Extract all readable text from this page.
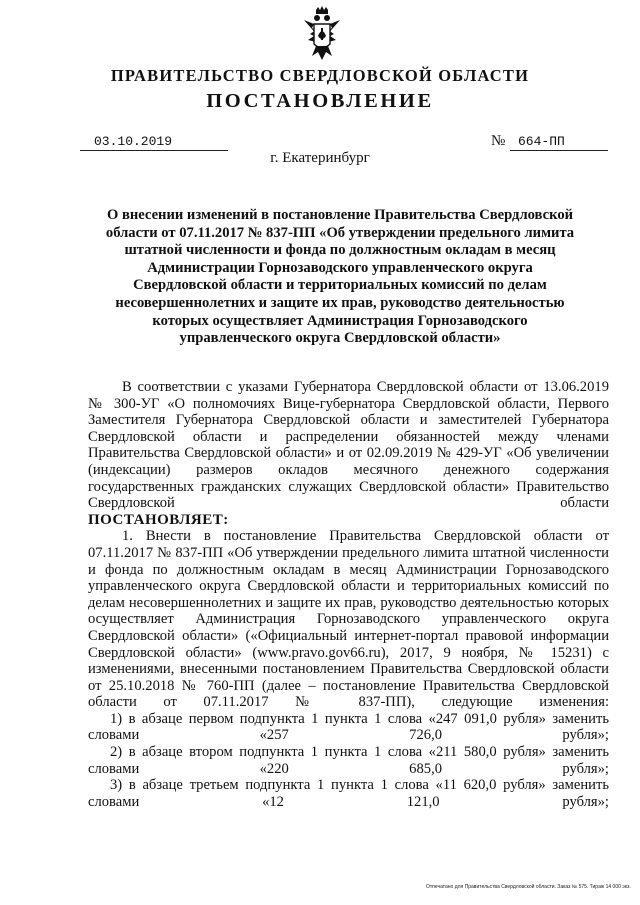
ПРАВИТЕЛЬСТВО СВЕРДЛОВСКОЙ ОБЛАСТИ
ПОСТАНОВЛЕНИЕ
03.10.2019	№ 664-ПП
г. Екатеринбург

О внесении изменений в постановление Правительства Свердловской области от 07.11.2017 № 837-ПП «Об утверждении предельного лимита штатной численности и фонда по должностным окладам в месяц Администрации Горнозаводского управленческого округа Свердловской области и территориальных комиссий по делам несовершеннолетних и защите их прав, руководство деятельностью которых осуществляет Администрация Горнозаводского управленческого округа Свердловской области»

В соответствии с указами Губернатора Свердловской области от 13.06.2019 № 300-УГ «О полномочиях Вице-губернатора Свердловской области, Первого Заместителя Губернатора Свердловской области и заместителей Губернатора Свердловской области и распределении обязанностей между членами Правительства Свердловской области» и от 02.09.2019 № 429-УГ «Об увеличении (индексации) размеров окладов месячного денежного содержания государственных гражданских служащих Свердловской области» Правительство Свердловской области

ПОСТАНОВЛЯЕТ:

1. Внести в постановление Правительства Свердловской области от 07.11.2017 № 837-ПП «Об утверждении предельного лимита штатной численности и фонда по должностным окладам в месяц Администрации Горнозаводского управленческого округа Свердловской области и территориальных комиссий по делам несовершеннолетних и защите их прав, руководство деятельностью которых осуществляет Администрация Горнозаводского управленческого округа Свердловской области» («Официальный интернет-портал правовой информации Свердловской области» (www.pravo.gov66.ru), 2017, 9 ноября, № 15231) с изменениями, внесенными постановлением Правительства Свердловской области от 25.10.2018 № 760-ПП (далее – постановление Правительства Свердловской области от 07.11.2017 № 837-ПП), следующие изменения:

1) в абзаце первом подпункта 1 пункта 1 слова «247 091,0 рубля» заменить словами «257 726,0 рубля»;

2) в абзаце втором подпункта 1 пункта 1 слова «211 580,0 рубля» заменить словами «220 685,0 рубля»;

3) в абзаце третьем подпункта 1 пункта 1 слова «11 620,0 рубля» заменить словами «12 121,0 рубля»;

Отпечатано для Правительства Свердловской области. Заказ № 575. Тираж 14 000 экз.
